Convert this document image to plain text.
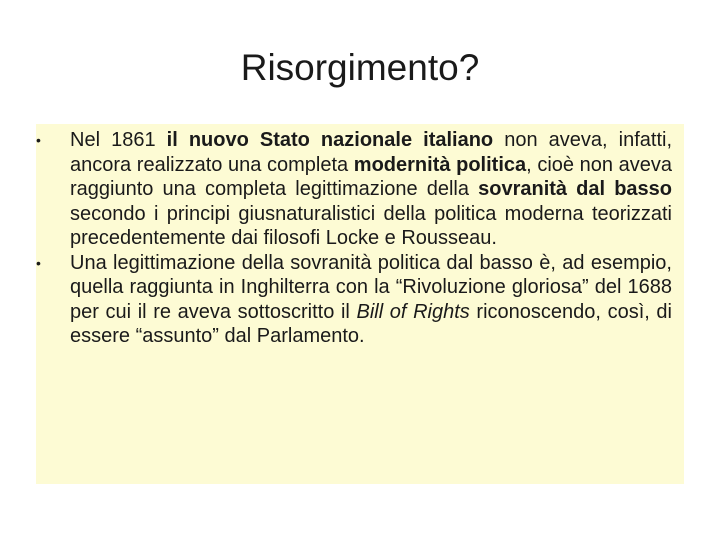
Risorgimento?
•	Nel 1861 il nuovo Stato nazionale italiano non aveva, infatti, ancora realizzato una completa modernità politica, cioè non aveva raggiunto una completa legittimazione della sovranità dal basso secondo i principi giusnaturalistici della politica moderna teorizzati precedentemente dai filosofi Locke e Rousseau.
•	Una legittimazione della sovranità politica dal basso è, ad esempio, quella raggiunta in Inghilterra con la “Rivoluzione gloriosa” del 1688 per cui il re aveva sottoscritto il Bill of Rights riconoscendo, così, di essere “assunto” dal Parlamento.
